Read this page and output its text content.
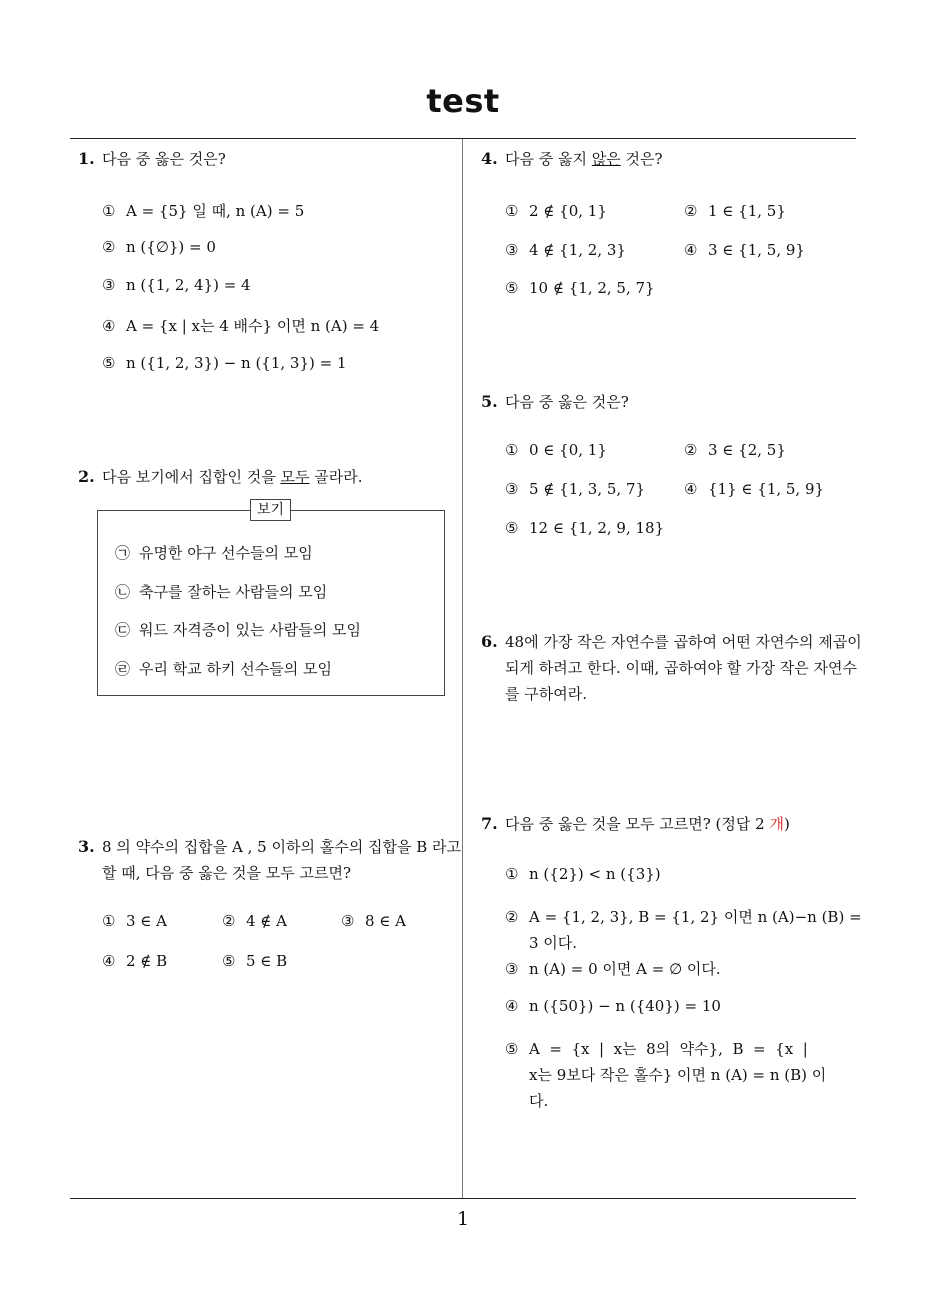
test
1
1. 다음 중 옳은 것은?
① A = {5} 일 때, n (A) = 5
② n ({∅}) = 0
③ n ({1, 2, 4}) = 4
④ A = {x | x는 4 배수} 이면 n (A) = 4
⑤ n ({1, 2, 3}) − n ({1, 3}) = 1
2. 다음 보기에서 집합인 것을 모두 골라라.
보기
㉠ 유명한 야구 선수들의 모임
㉡ 축구를 잘하는 사람들의 모임
㉢ 워드 자격증이 있는 사람들의 모임
㉣ 우리 학교 하키 선수들의 모임
3. 8 의 약수의 집합을 A , 5 이하의 홀수의 집합을 B 라고
할 때, 다음 중 옳은 것을 모두 고르면?
① 3 ∈ A	② 4 ∉ A	③ 8 ∈ A
④ 2 ∉ B	⑤ 5 ∈ B
4. 다음 중 옳지 않은 것은?
① 2 ∉ {0, 1}	② 1 ∈ {1, 5}
③ 4 ∉ {1, 2, 3}	④ 3 ∈ {1, 5, 9}
⑤ 10 ∉ {1, 2, 5, 7}
5. 다음 중 옳은 것은?
① 0 ∈ {0, 1}	② 3 ∈ {2, 5}
③ 5 ∉ {1, 3, 5, 7}	④ {1} ∈ {1, 5, 9}
⑤ 12 ∈ {1, 2, 9, 18}
6. 48에 가장 작은 자연수를 곱하여 어떤 자연수의 제곱이
되게 하려고 한다. 이때, 곱하여야 할 가장 작은 자연수
를 구하여라.
7. 다음 중 옳은 것을 모두 고르면? (정답 2 개)
① n ({2}) < n ({3})
② A = {1, 2, 3}, B = {1, 2} 이면 n (A)−n (B) =
3 이다.
③ n (A) = 0 이면 A = ∅ 이다.
④ n ({50}) − n ({40}) = 10
⑤ A  =  {x  |  x는  8의  약수},  B  =  {x  |
x는 9보다 작은 홀수} 이면 n (A) = n (B) 이
다.
